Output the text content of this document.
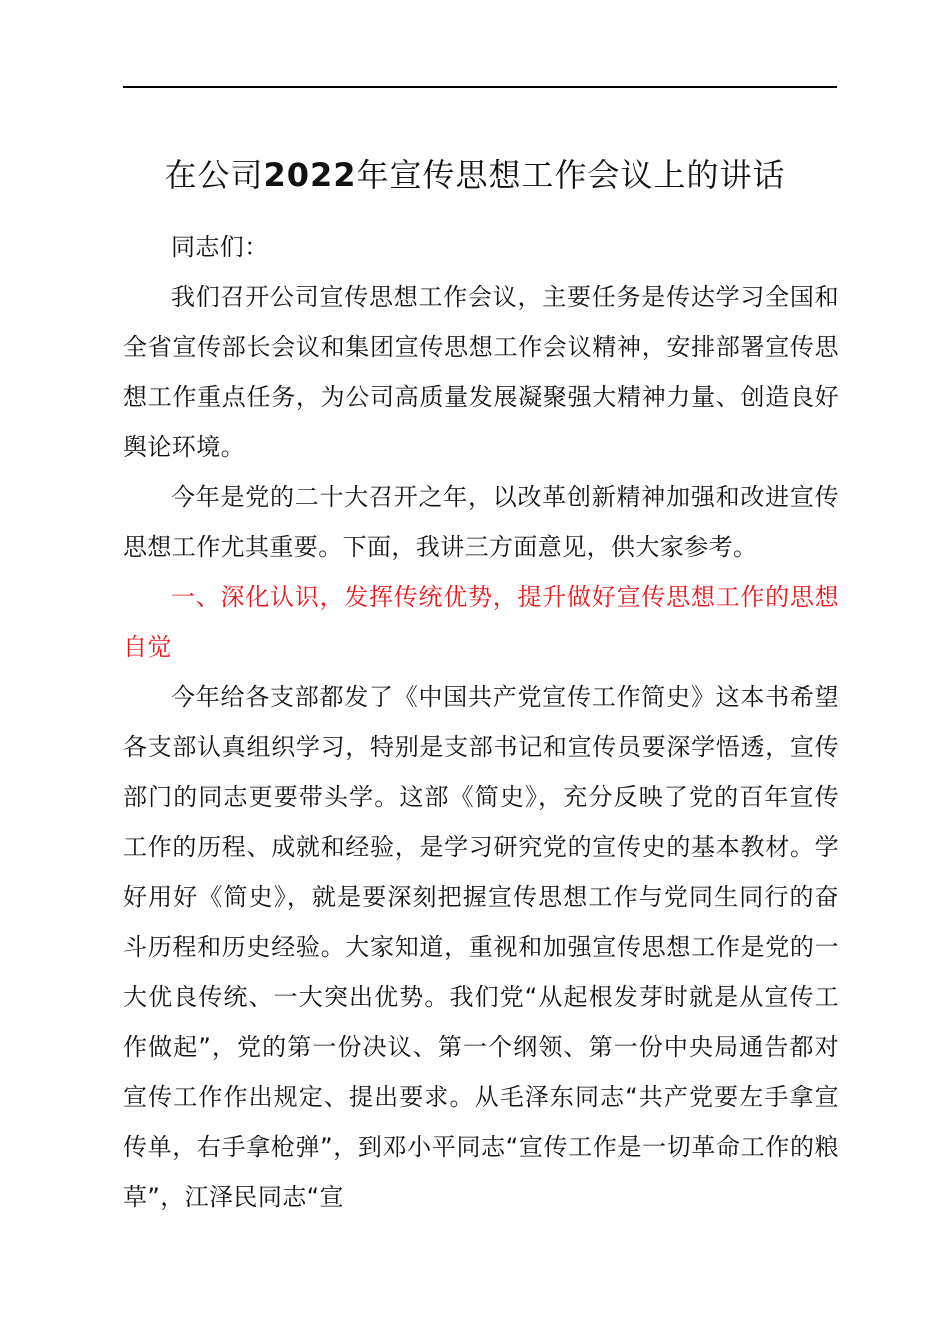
在公司2022年宣传思想工作会议上的讲话

同志们：

我们召开公司宣传思想工作会议，主要任务是传达学习全国和全省宣传部长会议和集团宣传思想工作会议精神，安排部署宣传思想工作重点任务，为公司高质量发展凝聚强大精神力量、创造良好舆论环境。

今年是党的二十大召开之年，以改革创新精神加强和改进宣传思想工作尤其重要。下面，我讲三方面意见，供大家参考。

一、深化认识，发挥传统优势，提升做好宣传思想工作的思想自觉

今年给各支部都发了《中国共产党宣传工作简史》这本书希望各支部认真组织学习，特别是支部书记和宣传员要深学悟透，宣传部门的同志更要带头学。这部《简史》，充分反映了党的百年宣传工作的历程、成就和经验，是学习研究党的宣传史的基本教材。学好用好《简史》，就是要深刻把握宣传思想工作与党同生同行的奋斗历程和历史经验。大家知道，重视和加强宣传思想工作是党的一大优良传统、一大突出优势。我们党“从起根发芽时就是从宣传工作做起”，党的第一份决议、第一个纲领、第一份中央局通告都对宣传工作作出规定、提出要求。从毛泽东同志“共产党要左手拿宣传单，右手拿枪弹”，到邓小平同志“宣传工作是一切革命工作的粮草”，江泽民同志“宣
